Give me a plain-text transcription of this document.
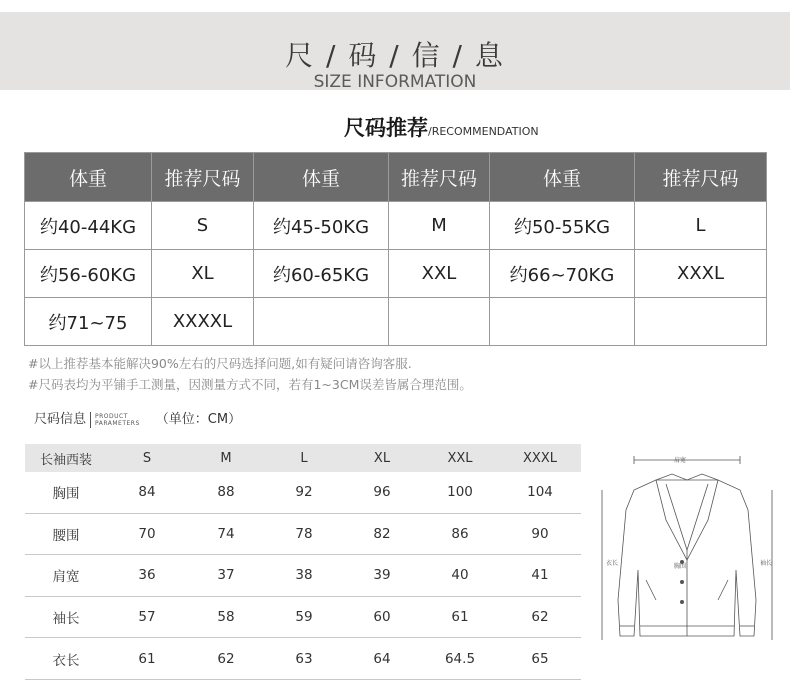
尺 / 码 / 信 / 息
SIZE INFORMATION
尺码推荐/RECOMMENDATION
体重	推荐尺码	体重	推荐尺码	体重	推荐尺码
约40-44KG	S	约45-50KG	M	约50-55KG	L
约56-60KG	XL	约60-65KG	XXL	约66~70KG	XXXL
约71~75	XXXXL				
#以上推荐基本能解决90%左右的尺码选择问题,如有疑问请咨询客服.
#尺码表均为平铺手工测量，因测量方式不同，若有1~3CM误差皆属合理范围。
尺码信息 PRODUCT
PARAMETERS （单位：CM）
长袖西装	S	M	L	XL	XXL	XXXL
胸围	84	88	92	96	100	104
腰围	70	74	78	82	86	90
肩宽	36	37	38	39	40	41
袖长	57	58	59	60	61	62
衣长	61	62	63	64	64.5	65
肩宽
胸围
衣长	袖长
